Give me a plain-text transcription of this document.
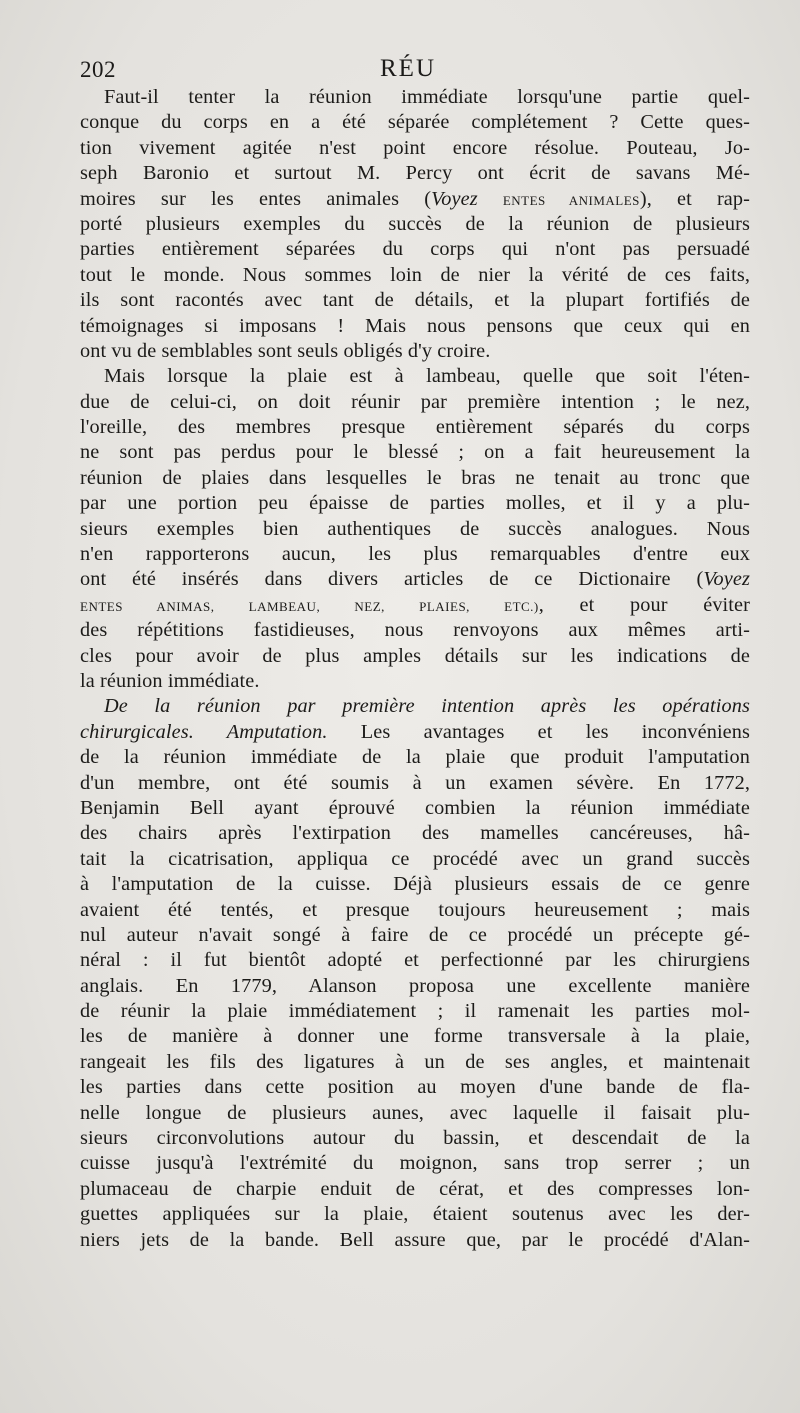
202	RÉU
Faut-il tenter la réunion immédiate lorsqu'une partie quel-
conque du corps en a été séparée complétement ? Cette ques-
tion vivement agitée n'est point encore résolue. Pouteau, Jo-
seph Baronio et surtout M. Percy ont écrit de savans Mé-
moires sur les entes animales (Voyez ENTES ANIMALES), et rap-
porté plusieurs exemples du succès de la réunion de plusieurs
parties entièrement séparées du corps qui n'ont pas persuadé
tout le monde. Nous sommes loin de nier la vérité de ces faits,
ils sont racontés avec tant de détails, et la plupart fortifiés de
témoignages si imposans ! Mais nous pensons que ceux qui en
ont vu de semblables sont seuls obligés d'y croire.
Mais lorsque la plaie est à lambeau, quelle que soit l'éten-
due de celui-ci, on doit réunir par première intention ; le nez,
l'oreille, des membres presque entièrement séparés du corps
ne sont pas perdus pour le blessé ; on a fait heureusement la
réunion de plaies dans lesquelles le bras ne tenait au tronc que
par une portion peu épaisse de parties molles, et il y a plu-
sieurs exemples bien authentiques de succès analogues. Nous
n'en rapporterons aucun, les plus remarquables d'entre eux
ont été insérés dans divers articles de ce Dictionaire (Voyez
ENTES ANIMAS, LAMBEAU, NEZ, PLAIES, ETC.), et pour éviter
des répétitions fastidieuses, nous renvoyons aux mêmes arti-
cles pour avoir de plus amples détails sur les indications de
la réunion immédiate.
De la réunion par première intention après les opérations
chirurgicales. Amputation. Les avantages et les inconvéniens
de la réunion immédiate de la plaie que produit l'amputation
d'un membre, ont été soumis à un examen sévère. En 1772,
Benjamin Bell ayant éprouvé combien la réunion immédiate
des chairs après l'extirpation des mamelles cancéreuses, hâ-
tait la cicatrisation, appliqua ce procédé avec un grand succès
à l'amputation de la cuisse. Déjà plusieurs essais de ce genre
avaient été tentés, et presque toujours heureusement ; mais
nul auteur n'avait songé à faire de ce procédé un précepte gé-
néral : il fut bientôt adopté et perfectionné par les chirurgiens
anglais. En 1779, Alanson proposa une excellente manière
de réunir la plaie immédiatement ; il ramenait les parties mol-
les de manière à donner une forme transversale à la plaie,
rangeait les fils des ligatures à un de ses angles, et maintenait
les parties dans cette position au moyen d'une bande de fla-
nelle longue de plusieurs aunes, avec laquelle il faisait plu-
sieurs circonvolutions autour du bassin, et descendait de la
cuisse jusqu'à l'extrémité du moignon, sans trop serrer ; un
plumaceau de charpie enduit de cérat, et des compresses lon-
guettes appliquées sur la plaie, étaient soutenus avec les der-
niers jets de la bande. Bell assure que, par le procédé d'Alan-
